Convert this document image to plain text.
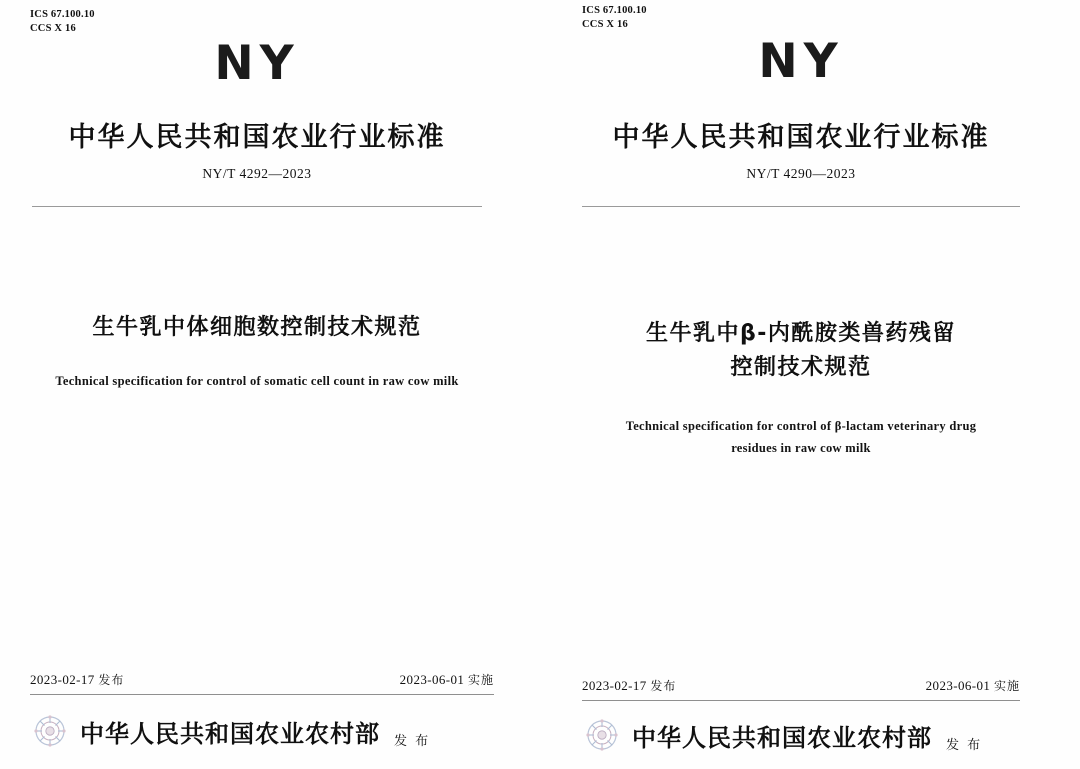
ICS 67.100.10
CCS X 16
NY
中华人民共和国农业行业标准
NY/T 4292—2023
生牛乳中体细胞数控制技术规范
Technical specification for control of somatic cell count in raw cow milk
2023-02-17 发布	2023-06-01 实施
中华人民共和国农业农村部 发 布
ICS 67.100.10
CCS X 16
NY
中华人民共和国农业行业标准
NY/T 4290—2023
生牛乳中β-内酰胺类兽药残留
控制技术规范
Technical specification for control of β-lactam veterinary drug
residues in raw cow milk
2023-02-17 发布	2023-06-01 实施
中华人民共和国农业农村部 发 布
